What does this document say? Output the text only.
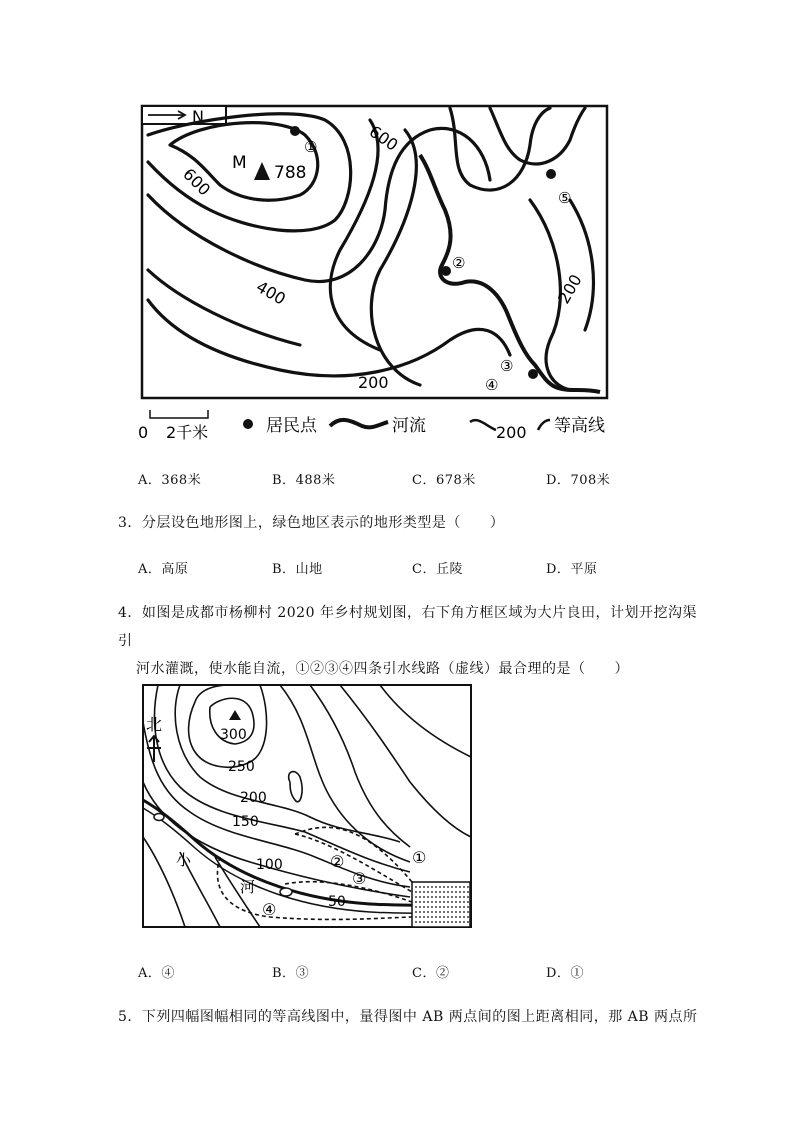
N
M 788
600
600
400
200
200
①
②
③
④
⑤
0 2千米	居民点	河流	200 等高线
A．368米	B．488米	C．678米	D．708米
3．分层设色地形图上，绿色地区表示的地形类型是（　　）
A．高原	B．山地	C．丘陵	D．平原
4．如图是成都市杨柳村 2020 年乡村规划图，右下角方框区域为大片良田，计划开挖沟渠引
河水灌溉，使水能自流，①②③④四条引水线路（虚线）最合理的是（　　）
北
300
250
200
150
100
50
小
河
①
②
③
④
A．④	B．③	C．②	D．①
5．下列四幅图幅相同的等高线图中，量得图中 AB 两点间的图上距离相同，那 AB 两点所
